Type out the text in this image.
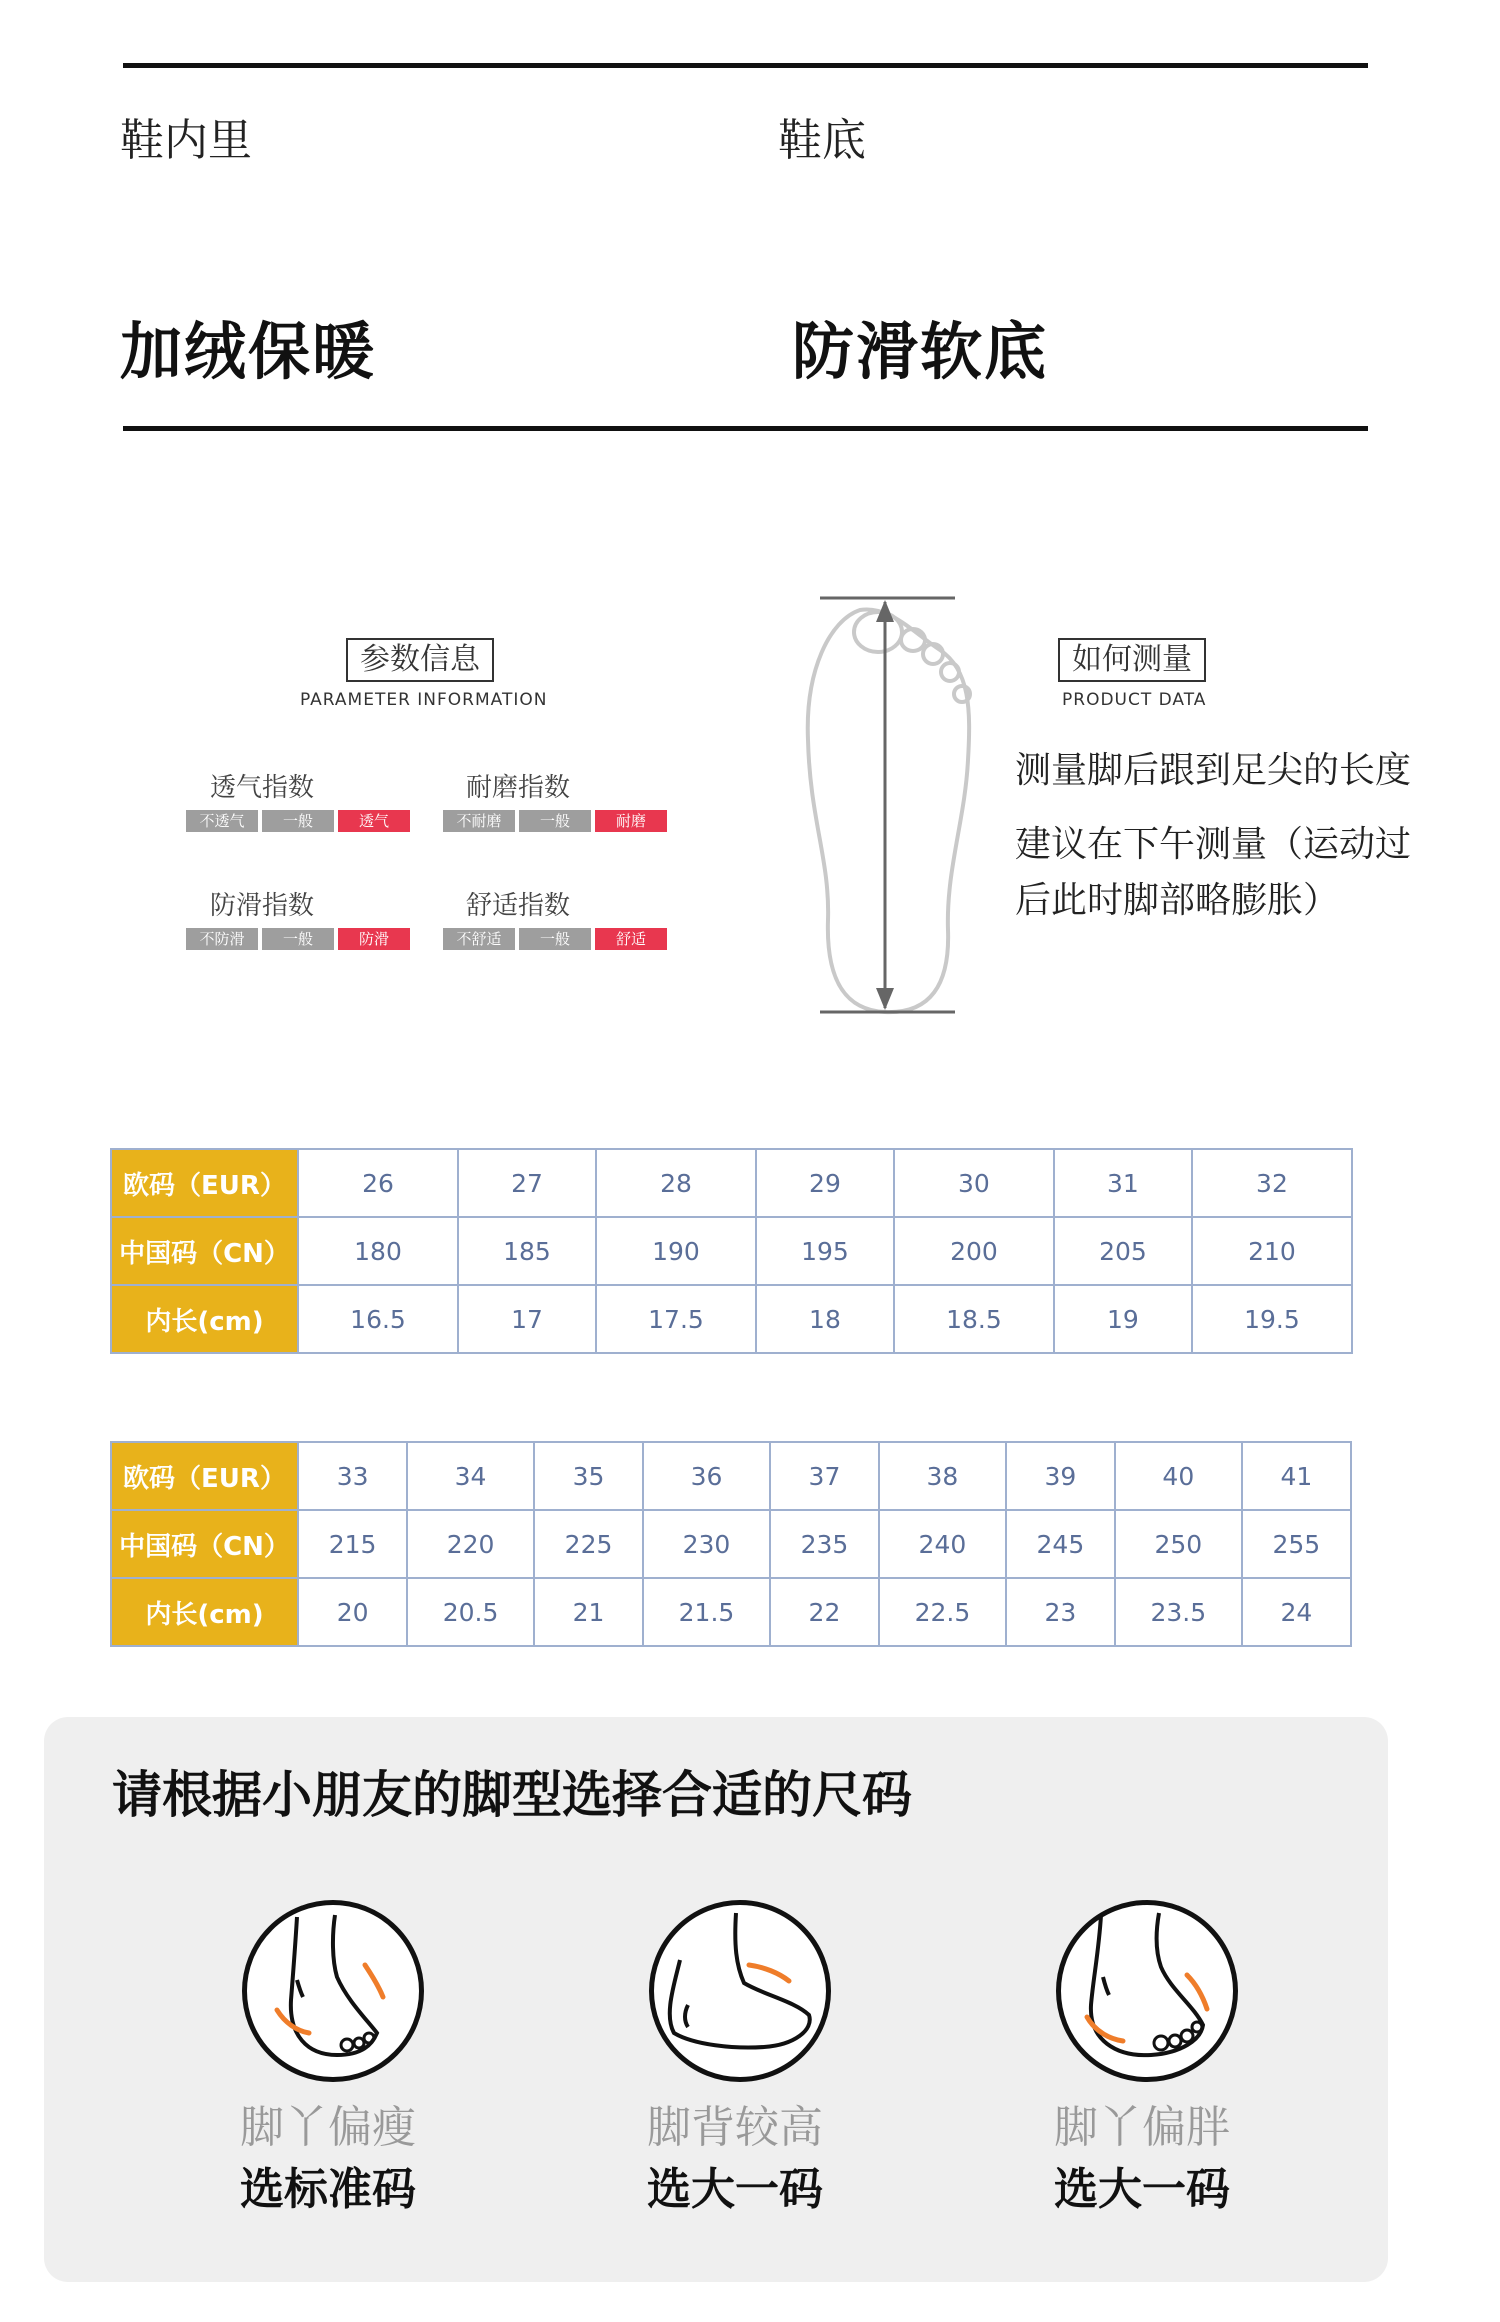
鞋内里	鞋底
加绒保暖	防滑软底
参数信息
PARAMETER INFORMATION
透气指数
不透气	一般	透气
耐磨指数
不耐磨	一般	耐磨
防滑指数
不防滑	一般	防滑
舒适指数
不舒适	一般	舒适
如何测量
PRODUCT DATA
测量脚后跟到足尖的长度
建议在下午测量（运动过
后此时脚部略膨胀）
欧码（EUR）	26	27	28	29	30	31	32
中国码（CN）	180	185	190	195	200	205	210
内长(cm)	16.5	17	17.5	18	18.5	19	19.5
欧码（EUR）	33	34	35	36	37	38	39	40	41
中国码（CN）	215	220	225	230	235	240	245	250	255
内长(cm)	20	20.5	21	21.5	22	22.5	23	23.5	24
请根据小朋友的脚型选择合适的尺码
脚丫偏瘦
选标准码
脚背较高
选大一码
脚丫偏胖
选大一码
